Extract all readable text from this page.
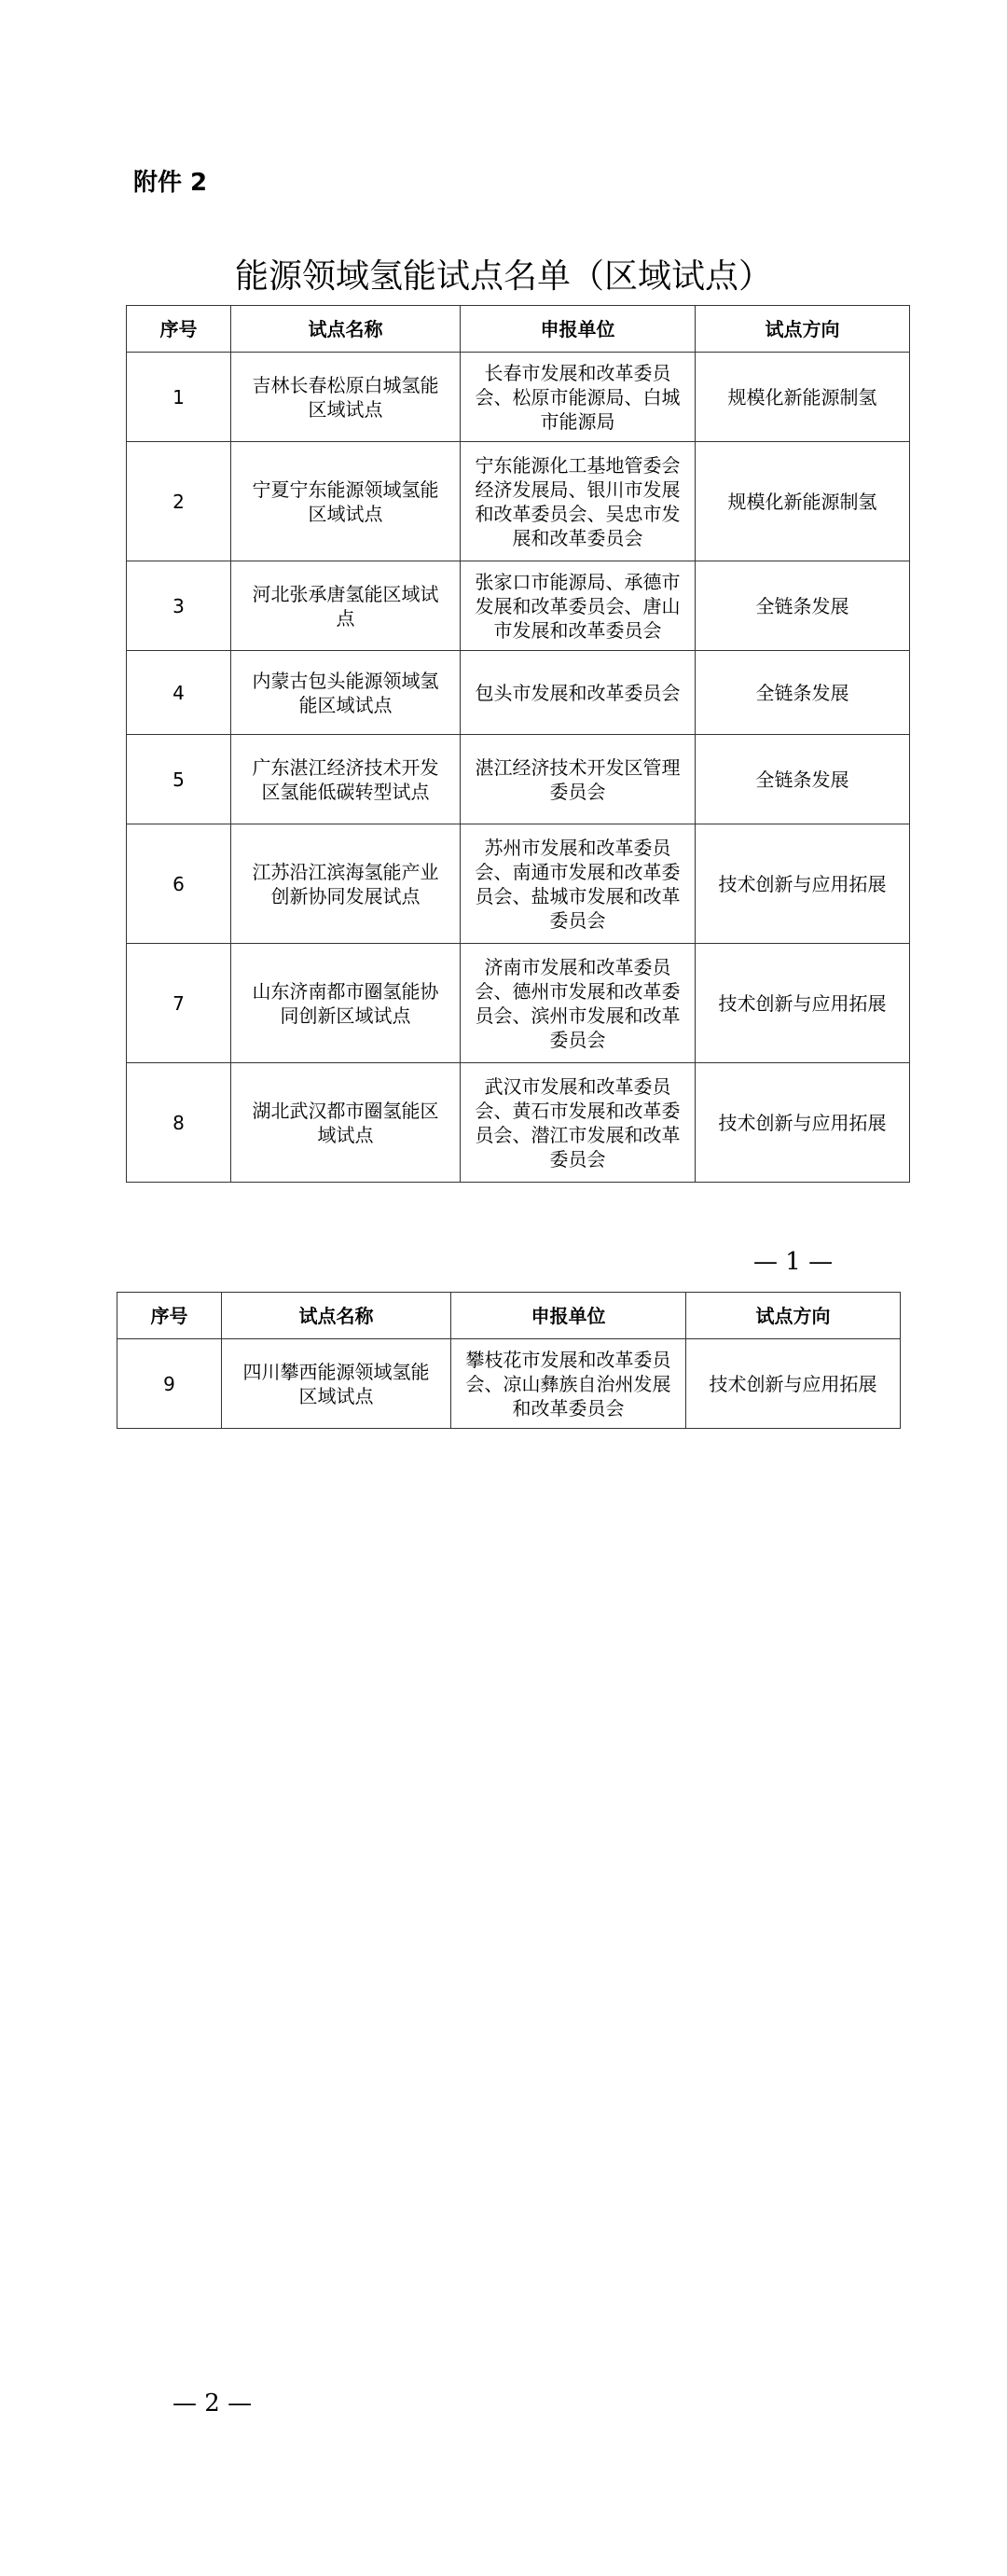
附件 2
能源领域氢能试点名单（区域试点）
序号	试点名称	申报单位	试点方向
1	吉林长春松原白城氢能区域试点	长春市发展和改革委员会、松原市能源局、白城市能源局	规模化新能源制氢
2	宁夏宁东能源领域氢能区域试点	宁东能源化工基地管委会经济发展局、银川市发展和改革委员会、吴忠市发展和改革委员会	规模化新能源制氢
3	河北张承唐氢能区域试点	张家口市能源局、承德市发展和改革委员会、唐山市发展和改革委员会	全链条发展
4	内蒙古包头能源领域氢能区域试点	包头市发展和改革委员会	全链条发展
5	广东湛江经济技术开发区氢能低碳转型试点	湛江经济技术开发区管理委员会	全链条发展
6	江苏沿江滨海氢能产业创新协同发展试点	苏州市发展和改革委员会、南通市发展和改革委员会、盐城市发展和改革委员会	技术创新与应用拓展
7	山东济南都市圈氢能协同创新区域试点	济南市发展和改革委员会、德州市发展和改革委员会、滨州市发展和改革委员会	技术创新与应用拓展
8	湖北武汉都市圈氢能区域试点	武汉市发展和改革委员会、黄石市发展和改革委员会、潜江市发展和改革委员会	技术创新与应用拓展
— 1 —
序号	试点名称	申报单位	试点方向
9	四川攀西能源领域氢能区域试点	攀枝花市发展和改革委员会、凉山彝族自治州发展和改革委员会	技术创新与应用拓展
— 2 —
